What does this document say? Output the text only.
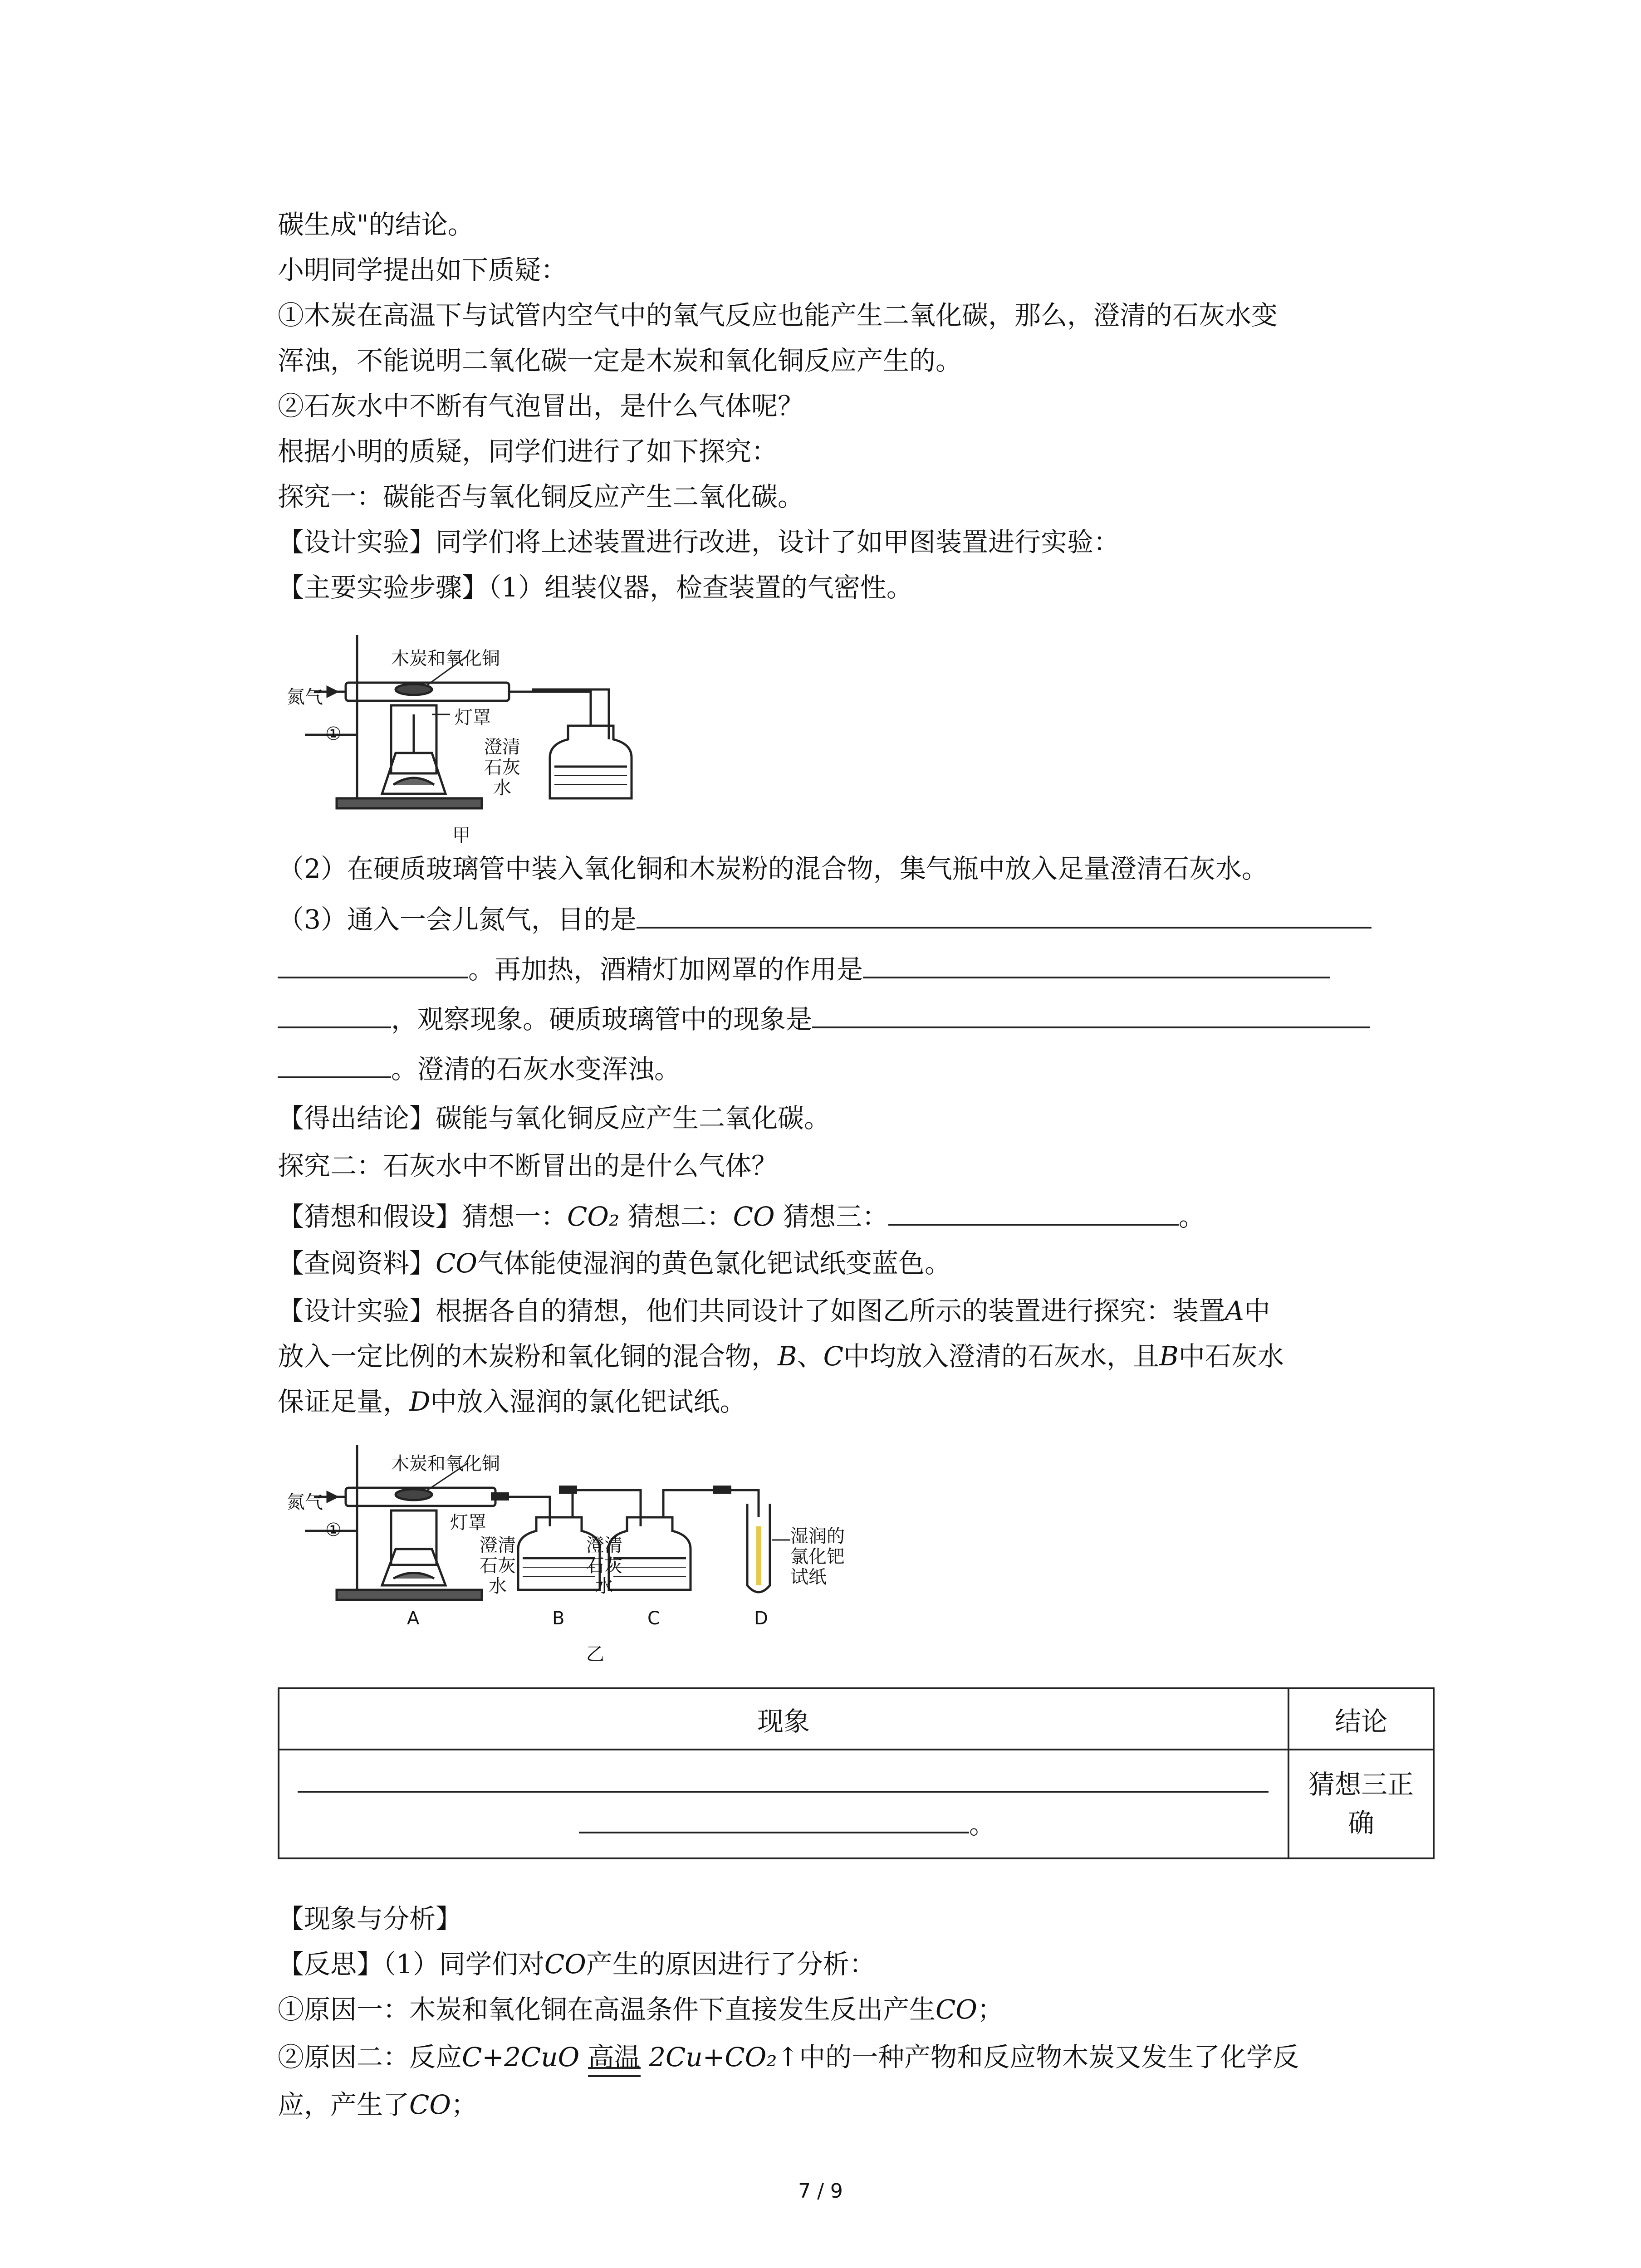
碳生成"的结论。
小明同学提出如下质疑：
①木炭在高温下与试管内空气中的氧气反应也能产生二氧化碳，那么，澄清的石灰水变
浑浊，不能说明二氧化碳一定是木炭和氧化铜反应产生的。
②石灰水中不断有气泡冒出，是什么气体呢？
根据小明的质疑，同学们进行了如下探究：
探究一：碳能否与氧化铜反应产生二氧化碳。
【设计实验】同学们将上述装置进行改进，设计了如甲图装置进行实验：
【主要实验步骤】（1）组装仪器，检查装置的气密性。
氮气
木炭和氧化铜
灯罩
①
澄清
石灰
水
甲
（2）在硬质玻璃管中装入氧化铜和木炭粉的混合物，集气瓶中放入足量澄清石灰水。
（3）通入一会儿氮气，目的是
。再加热，酒精灯加网罩的作用是
，观察现象。硬质玻璃管中的现象是
。澄清的石灰水变浑浊。
【得出结论】碳能与氧化铜反应产生二氧化碳。
探究二：石灰水中不断冒出的是什么气体？
【猜想和假设】猜想一：CO₂ 猜想二：CO 猜想三：	。
【查阅资料】CO气体能使湿润的黄色氯化钯试纸变蓝色。
【设计实验】根据各自的猜想，他们共同设计了如图乙所示的装置进行探究：装置A中
放入一定比例的木炭粉和氧化铜的混合物，B、C中均放入澄清的石灰水，且B中石灰水
保证足量，D中放入湿润的氯化钯试纸。
氮气
木炭和氧化铜
灯罩
①
澄清
石灰
水
澄清
石灰
水
湿润的
氯化钯
试纸
A	B	C	D
乙
现象	结论

。	猜想三正
确
【现象与分析】
【反思】（1）同学们对CO产生的原因进行了分析：
①原因一：木炭和氧化铜在高温条件下直接发生反出产生CO；
②原因二：反应C+2CuO 高温 2Cu+CO₂↑中的一种产物和反应物木炭又发生了化学反
应，产生了CO；
7 / 9
